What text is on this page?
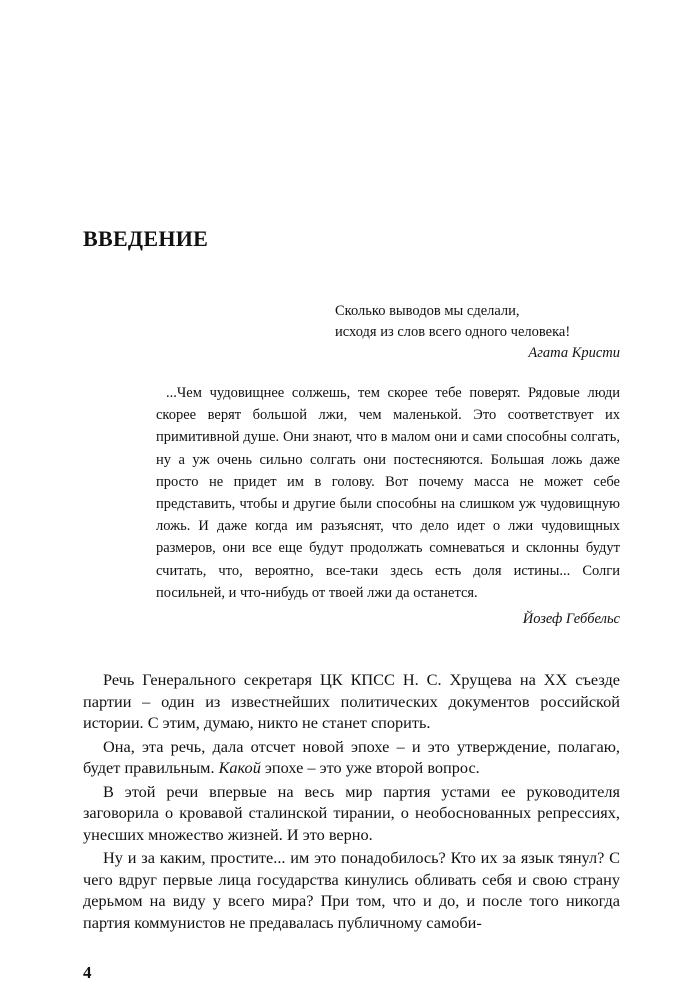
ВВЕДЕНИЕ
Сколько выводов мы сделали,
исходя из слов всего одного человека!
Агата Кристи

...Чем чудовищнее солжешь, тем скорее тебе поверят. Рядовые люди скорее верят большой лжи, чем маленькой. Это соответствует их примитивной душе. Они знают, что в малом они и сами способны солгать, ну а уж очень сильно солгать они постесняются. Большая ложь даже просто не придет им в голову. Вот почему масса не может себе представить, чтобы и другие были способны на слишком уж чудовищную ложь. И даже когда им разъяснят, что дело идет о лжи чудовищных размеров, они все еще будут продолжать сомневаться и склонны будут считать, что, вероятно, все-таки здесь есть доля истины... Солги посильней, и что-нибудь от твоей лжи да останется.

Йозеф Геббельс

Речь Генерального секретаря ЦК КПСС Н. С. Хрущева на XX съезде партии – один из известнейших политических документов российской истории. С этим, думаю, никто не станет спорить.

Она, эта речь, дала отсчет новой эпохе – и это утверждение, полагаю, будет правильным. Какой эпохе – это уже второй вопрос.

В этой речи впервые на весь мир партия устами ее руководителя заговорила о кровавой сталинской тирании, о необоснованных репрессиях, унесших множество жизней. И это верно.

Ну и за каким, простите... им это понадобилось? Кто их за язык тянул? С чего вдруг первые лица государства кинулись обливать себя и свою страну дерьмом на виду у всего мира? При том, что и до, и после того никогда партия коммунистов не предавалась публичному самоби-

4
